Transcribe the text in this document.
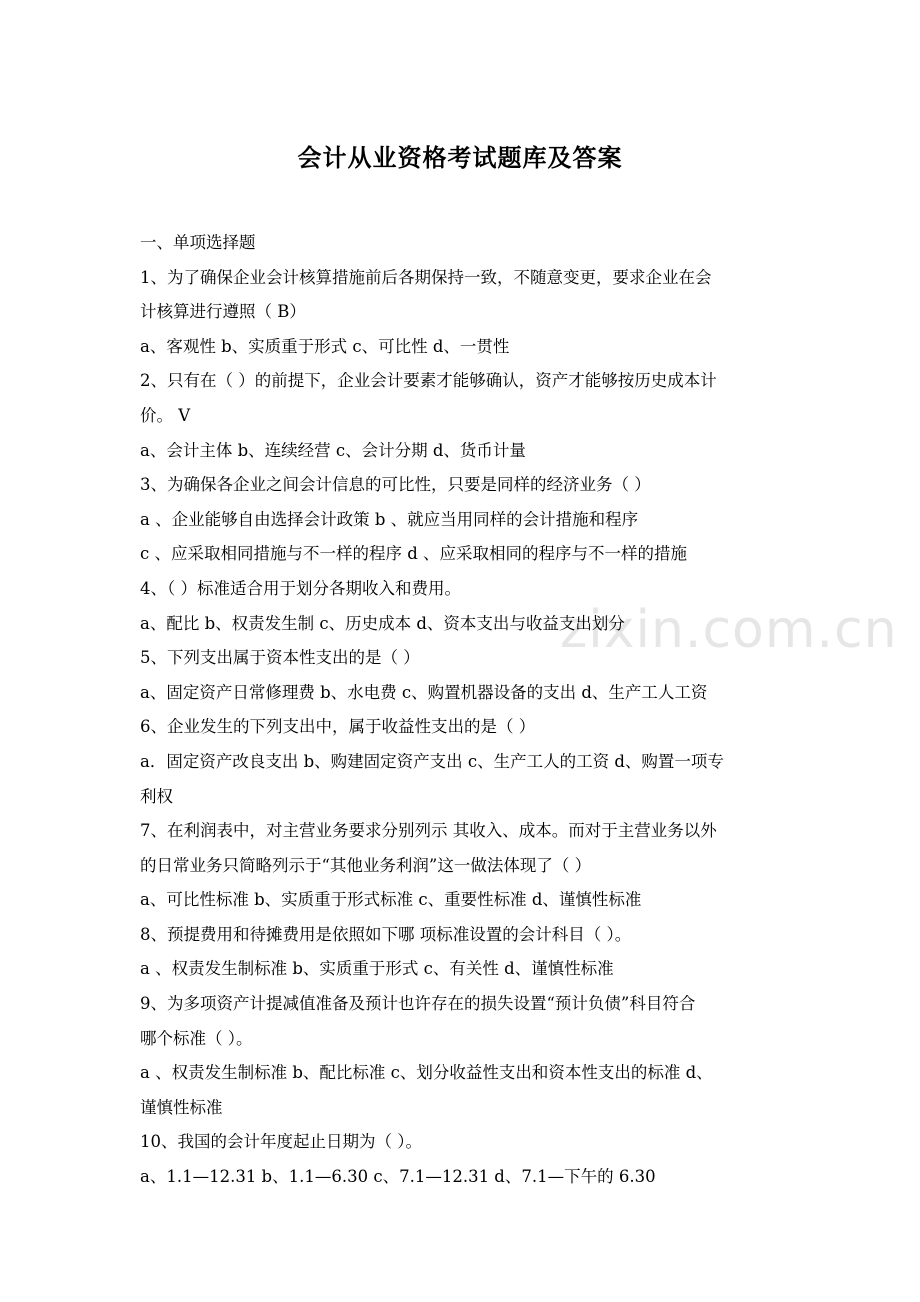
zixin.com.cn
会计从业资格考试题库及答案
一、单项选择题
1、为了确保企业会计核算措施前后各期保持一致，不随意变更，要求企业在会
计核算进行遵照（ B）
a、客观性 b、实质重于形式 c、可比性 d、一贯性
2、只有在（ ）的前提下，企业会计要素才能够确认，资产才能够按历史成本计
价。 V
a、会计主体 b、连续经营 c、会计分期 d、货币计量
3、为确保各企业之间会计信息的可比性，只要是同样的经济业务（ ）
a 、企业能够自由选择会计政策 b 、就应当用同样的会计措施和程序
c 、应采取相同措施与不一样的程序 d 、应采取相同的程序与不一样的措施
4、（ ）标准适合用于划分各期收入和费用。
a、配比 b、权责发生制 c、历史成本 d、资本支出与收益支出划分
5、下列支出属于资本性支出的是（ ）
a、固定资产日常修理费 b、水电费 c、购置机器设备的支出 d、生产工人工资
6、企业发生的下列支出中，属于收益性支出的是（ ）
a．固定资产改良支出 b、购建固定资产支出 c、生产工人的工资 d、购置一项专
利权
7、在利润表中，对主营业务要求分别列示 其收入、成本。而对于主营业务以外
的日常业务只简略列示于“其他业务利润”这一做法体现了（ ）
a、可比性标准 b、实质重于形式标准 c、重要性标准 d、谨慎性标准
8、预提费用和待摊费用是依照如下哪 项标准设置的会计科目（ ）。
a 、权责发生制标准 b、实质重于形式 c、有关性 d、谨慎性标准
9、为多项资产计提减值准备及预计也许存在的损失设置“预计负债”科目符合
哪个标准（ ）。
a 、权责发生制标准 b、配比标准 c、划分收益性支出和资本性支出的标准 d、
谨慎性标准
10、我国的会计年度起止日期为（ ）。
a、1.1—12.31 b、1.1—6.30 c、7.1—12.31 d、7.1—下午的 6.30
